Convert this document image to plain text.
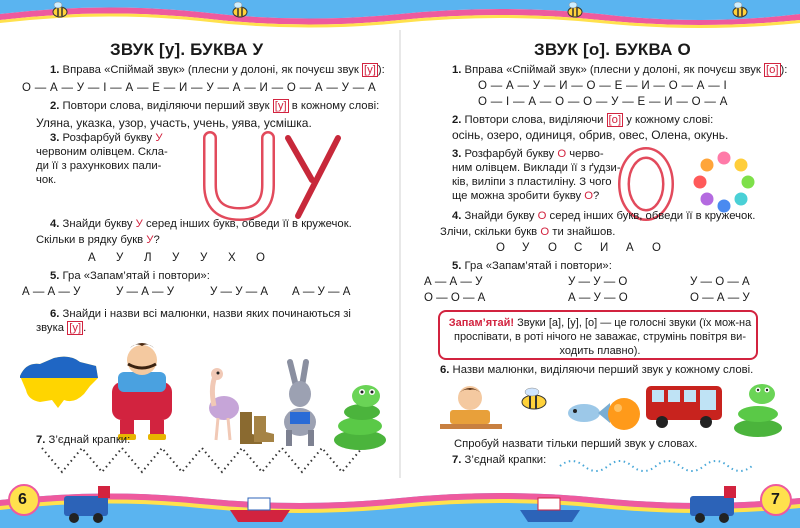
ЗВУК [у]. БУКВА У
1. Вправа «Спіймай звук» (плесни у долоні, як почуєш звук [у] ):
О — А — У — І — А — Е — И — У — А — И — О — А — У — А
2. Повтори слова, виділяючи перший звук [у] в кожному слові:
Уляна, указка, узор, участь, учень, уява, усмішка.
3. Розфарбуй букву У
червоним олівцем. Скла-
ди її з рахункових пали-
чок.
4. Знайди букву У серед інших букв, обведи її в кружечок.
Скільки в рядку букв У?
А У Л У У Х О
5. Гра «Запам’ятай і повтори»:
А — А — У	У — А — У	У — У — А А — У — А
6. Знайди і назви всі малюнки, назви яких починаються зі
звука [у] .
7. З’єднай крапки:
ЗВУК [о]. БУКВА О
1. Вправа «Спіймай звук» (плесни у долоні, як почуєш звук [о] ):
О — А — У — И — О — Е — И — О — А — І
О — І — А — О — О — У — Е — И — О — А
2. Повтори слова, виділяючи [о] у кожному слові:
осінь, озеро, одиниця, обрив, овес, Олена, окунь.
3. Розфарбуй букву О черво-
ним олівцем. Виклади її з ґудзи-
ків, виліпи з пластиліну. З чого
ще можна зробити букву О?
4. Знайди букву О серед інших букв, обведи її в кружечок.
Злічи, скільки букв О ти знайшов.
О У О С И А О
5. Гра «Запам’ятай і повтори»:
А — А — У	У — У — О	У — О — А
О — О — А	А — У — О	О — А — У
Запам’ятай! Звуки [а], [у], [о] — це голосні звуки (їх мож-на проспівати, в роті нічого не заважає, струмінь повітря ви-ходить плавно).
6. Назви малюнки, виділяючи перший звук у кожному слові.
Спробуй назвати тільки перший звук у словах.
7. З’єднай крапки:
6	7
